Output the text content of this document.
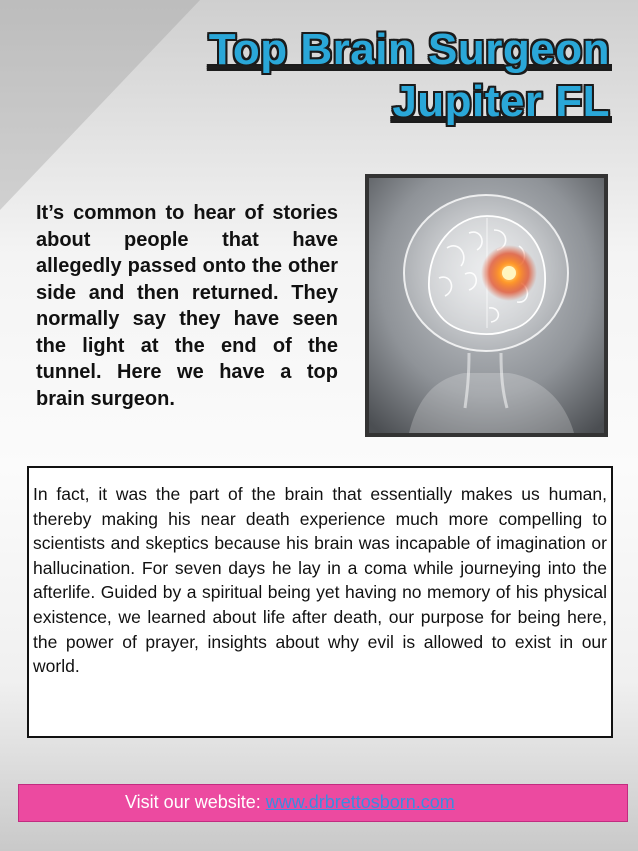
Top Brain Surgeon
Jupiter FL
It’s common to hear of stories about people that have allegedly passed onto the other side and then returned. They normally say they have seen the light at the end of the tunnel. Here we have a top brain surgeon.

In fact, it was the part of the brain that essentially makes us human, thereby making his near death experience much more compelling to scientists and skeptics because his brain was incapable of imagination or hallucination. For seven days he lay in a coma while journeying into the afterlife. Guided by a spiritual being yet having no memory of his physical existence, we learned about life after death, our purpose for being here, the power of prayer, insights about why evil is allowed to exist in our world.

Visit our website: www.drbrettosborn.com
